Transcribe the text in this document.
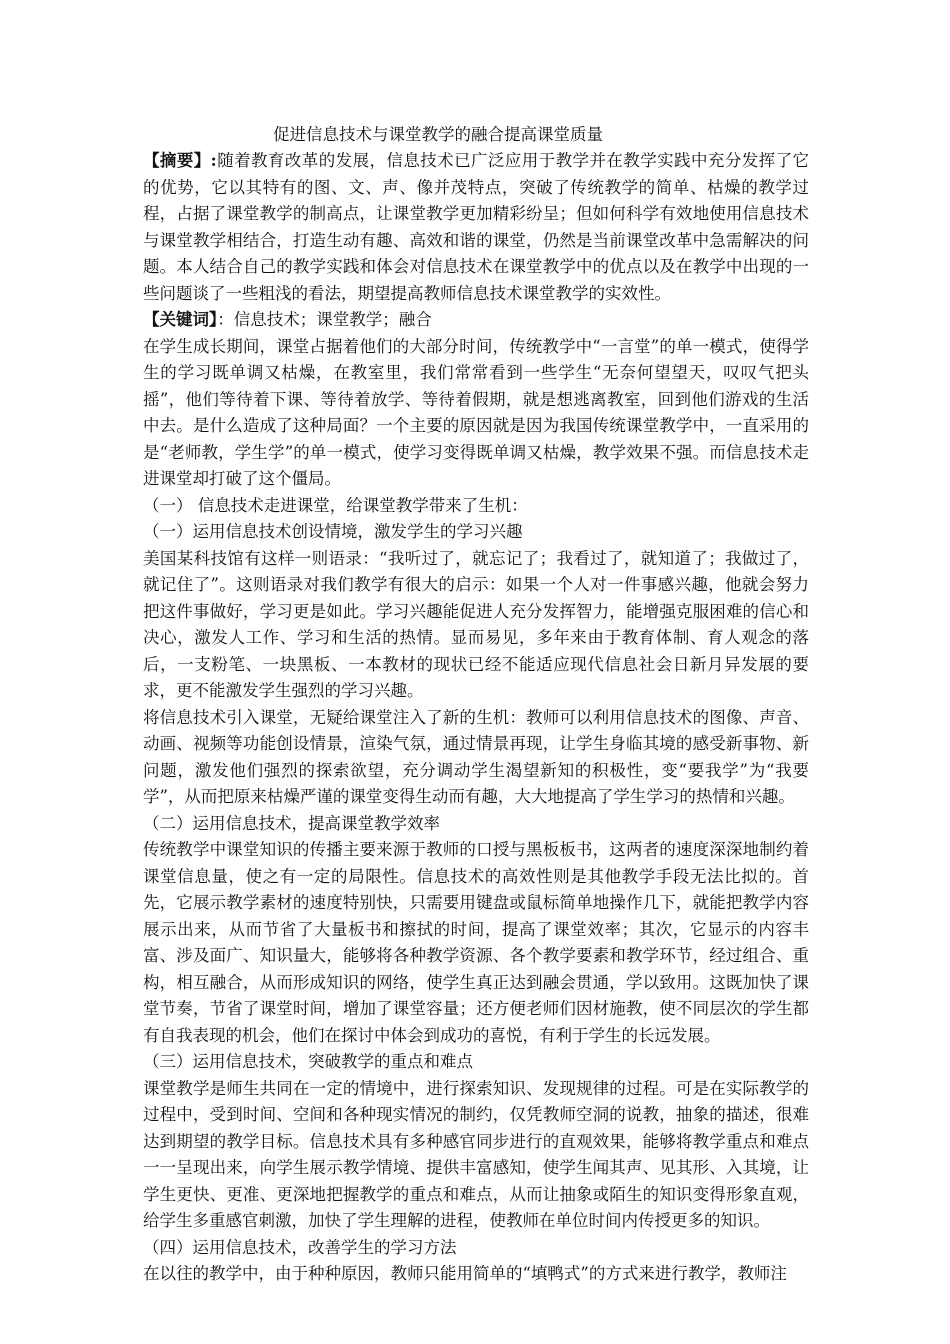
促进信息技术与课堂教学的融合提高课堂质量

【摘要】:随着教育改革的发展，信息技术已广泛应用于教学并在教学实践中充分发挥了它的优势，它以其特有的图、文、声、像并茂特点，突破了传统教学的简单、枯燥的教学过程，占据了课堂教学的制高点，让课堂教学更加精彩纷呈；但如何科学有效地使用信息技术与课堂教学相结合，打造生动有趣、高效和谐的课堂，仍然是当前课堂改革中急需解决的问题。本人结合自己的教学实践和体会对信息技术在课堂教学中的优点以及在教学中出现的一些问题谈了一些粗浅的看法，期望提高教师信息技术课堂教学的实效性。

【关键词】：信息技术；课堂教学；融合

在学生成长期间，课堂占据着他们的大部分时间，传统教学中“一言堂”的单一模式，使得学生的学习既单调又枯燥，在教室里，我们常常看到一些学生“无奈何望望天，叹叹气把头摇”，他们等待着下课、等待着放学、等待着假期，就是想逃离教室，回到他们游戏的生活中去。是什么造成了这种局面？一个主要的原因就是因为我国传统课堂教学中，一直采用的是“老师教，学生学”的单一模式，使学习变得既单调又枯燥，教学效果不强。而信息技术走进课堂却打破了这个僵局。

（一） 信息技术走进课堂，给课堂教学带来了生机：

（一）运用信息技术创设情境，激发学生的学习兴趣

美国某科技馆有这样一则语录：“我听过了，就忘记了；我看过了，就知道了；我做过了，就记住了”。这则语录对我们教学有很大的启示：如果一个人对一件事感兴趣，他就会努力把这件事做好，学习更是如此。学习兴趣能促进人充分发挥智力，能增强克服困难的信心和决心，激发人工作、学习和生活的热情。显而易见，多年来由于教育体制、育人观念的落后，一支粉笔、一块黑板、一本教材的现状已经不能适应现代信息社会日新月异发展的要求，更不能激发学生强烈的学习兴趣。

将信息技术引入课堂，无疑给课堂注入了新的生机：教师可以利用信息技术的图像、声音、动画、视频等功能创设情景，渲染气氛，通过情景再现，让学生身临其境的感受新事物、新问题，激发他们强烈的探索欲望，充分调动学生渴望新知的积极性，变“要我学”为“我要学”，从而把原来枯燥严谨的课堂变得生动而有趣，大大地提高了学生学习的热情和兴趣。

（二）运用信息技术，提高课堂教学效率

传统教学中课堂知识的传播主要来源于教师的口授与黑板板书，这两者的速度深深地制约着课堂信息量，使之有一定的局限性。信息技术的高效性则是其他教学手段无法比拟的。首先，它展示教学素材的速度特别快，只需要用键盘或鼠标简单地操作几下，就能把教学内容展示出来，从而节省了大量板书和擦拭的时间，提高了课堂效率；其次，它显示的内容丰富、涉及面广、知识量大，能够将各种教学资源、各个教学要素和教学环节，经过组合、重构，相互融合，从而形成知识的网络，使学生真正达到融会贯通，学以致用。这既加快了课堂节奏，节省了课堂时间，增加了课堂容量；还方便老师们因材施教，使不同层次的学生都有自我表现的机会，他们在探讨中体会到成功的喜悦，有利于学生的长远发展。

（三）运用信息技术，突破教学的重点和难点

课堂教学是师生共同在一定的情境中，进行探索知识、发现规律的过程。可是在实际教学的过程中，受到时间、空间和各种现实情况的制约，仅凭教师空洞的说教，抽象的描述，很难达到期望的教学目标。信息技术具有多种感官同步进行的直观效果，能够将教学重点和难点一一呈现出来，向学生展示教学情境、提供丰富感知，使学生闻其声、见其形、入其境，让学生更快、更准、更深地把握教学的重点和难点，从而让抽象或陌生的知识变得形象直观，给学生多重感官刺激，加快了学生理解的进程，使教师在单位时间内传授更多的知识。

（四）运用信息技术，改善学生的学习方法

在以往的教学中，由于种种原因，教师只能用简单的“填鸭式”的方式来进行教学，教师注
